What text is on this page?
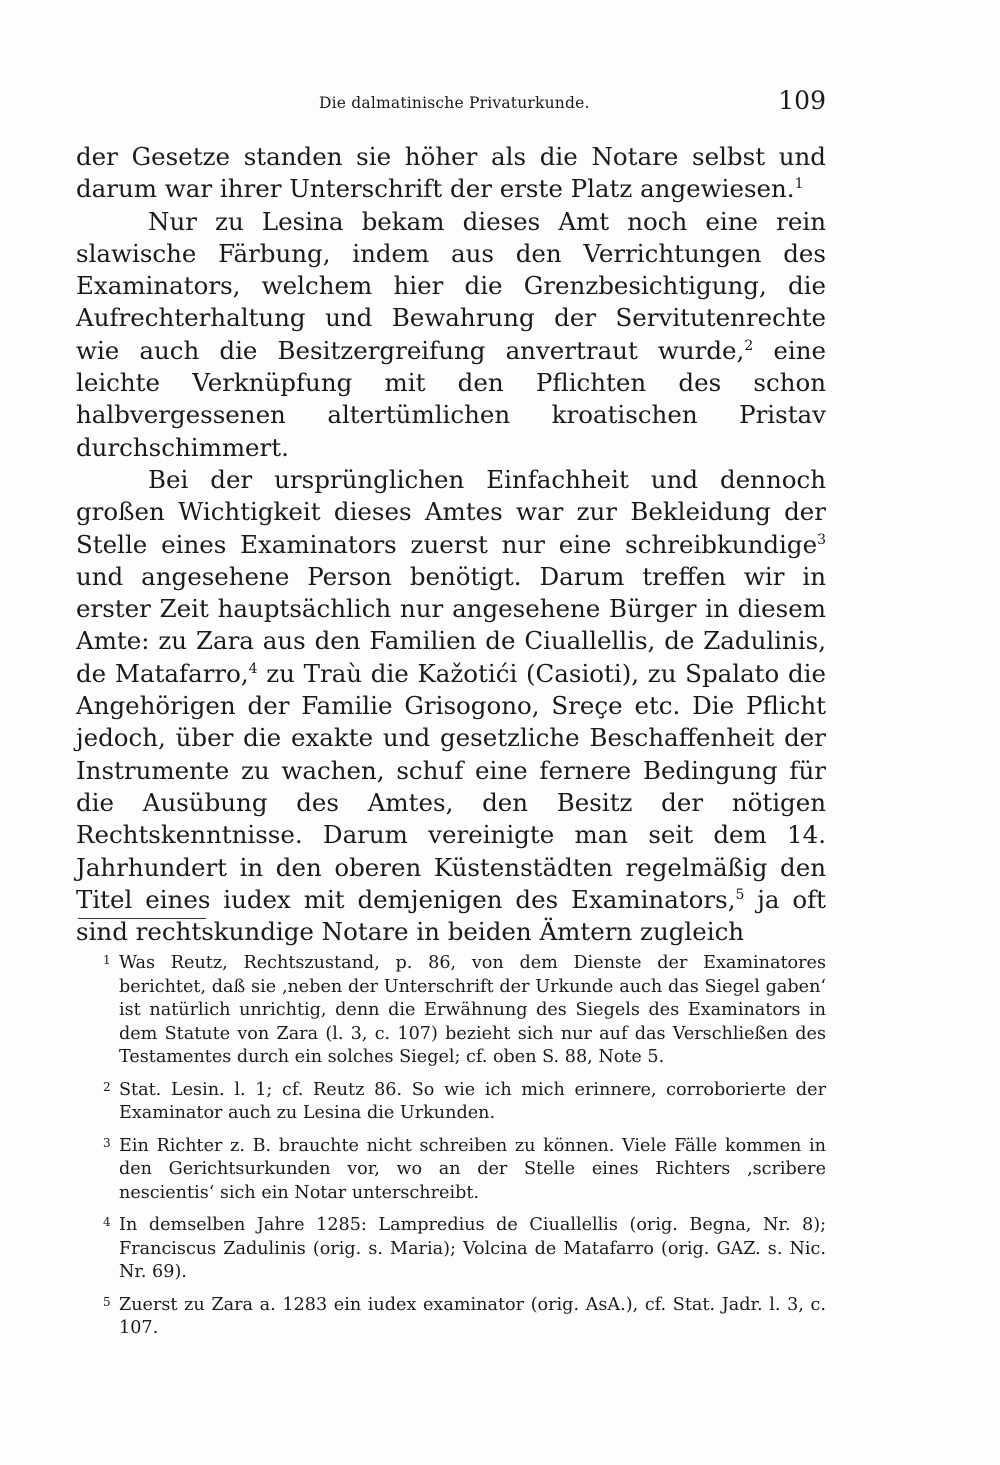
Die dalmatinische Privaturkunde.	109

der Gesetze standen sie höher als die Notare selbst und darum war ihrer Unterschrift der erste Platz angewiesen.$^1$

Nur zu Lesina bekam dieses Amt noch eine rein slawische Färbung, indem aus den Verrichtungen des Examinators, welchem hier die Grenzbesichtigung, die Aufrechterhaltung und Bewahrung der Servitutenrechte wie auch die Besitzergreifung anvertraut wurde,$^2$ eine leichte Verknüpfung mit den Pflichten des schon halbvergessenen altertümlichen kroatischen Pristav durchschimmert.

Bei der ursprünglichen Einfachheit und dennoch großen Wichtigkeit dieses Amtes war zur Bekleidung der Stelle eines Examinators zuerst nur eine schreibkundige$^3$ und angesehene Person benötigt. Darum treffen wir in erster Zeit hauptsächlich nur angesehene Bürger in diesem Amte: zu Zara aus den Familien de Ciuallellis, de Zadulinis, de Matafarro,$^4$ zu Traù die Kažotići (Casioti), zu Spalato die Angehörigen der Familie Grisogono, Sreçe etc. Die Pflicht jedoch, über die exakte und gesetzliche Beschaffenheit der Instrumente zu wachen, schuf eine fernere Bedingung für die Ausübung des Amtes, den Besitz der nötigen Rechtskenntnisse. Darum vereinigte man seit dem 14. Jahrhundert in den oberen Küstenstädten regelmäßig den Titel eines iudex mit demjenigen des Examinators,$^5$ ja oft sind rechtskundige Notare in beiden Ämtern zugleich

1 Was Reutz, Rechtszustand, p. 86, von dem Dienste der Examinatores berichtet, daß sie ‚neben der Unterschrift der Urkunde auch das Siegel gaben‘ ist natürlich unrichtig, denn die Erwähnung des Siegels des Examinators in dem Statute von Zara (l. 3, c. 107) bezieht sich nur auf das Verschließen des Testamentes durch ein solches Siegel; cf. oben S. 88, Note 5.

2 Stat. Lesin. l. 1; cf. Reutz 86. So wie ich mich erinnere, corroborierte der Examinator auch zu Lesina die Urkunden.

3 Ein Richter z. B. brauchte nicht schreiben zu können. Viele Fälle kommen in den Gerichtsurkunden vor, wo an der Stelle eines Richters ‚scribere nescientis‘ sich ein Notar unterschreibt.

4 In demselben Jahre 1285: Lampredius de Ciuallellis (orig. Begna, Nr. 8); Franciscus Zadulinis (orig. s. Maria); Volcina de Matafarro (orig. GAZ. s. Nic. Nr. 69).

5 Zuerst zu Zara a. 1283 ein iudex examinator (orig. AsA.), cf. Stat. Jadr. l. 3, c. 107.
